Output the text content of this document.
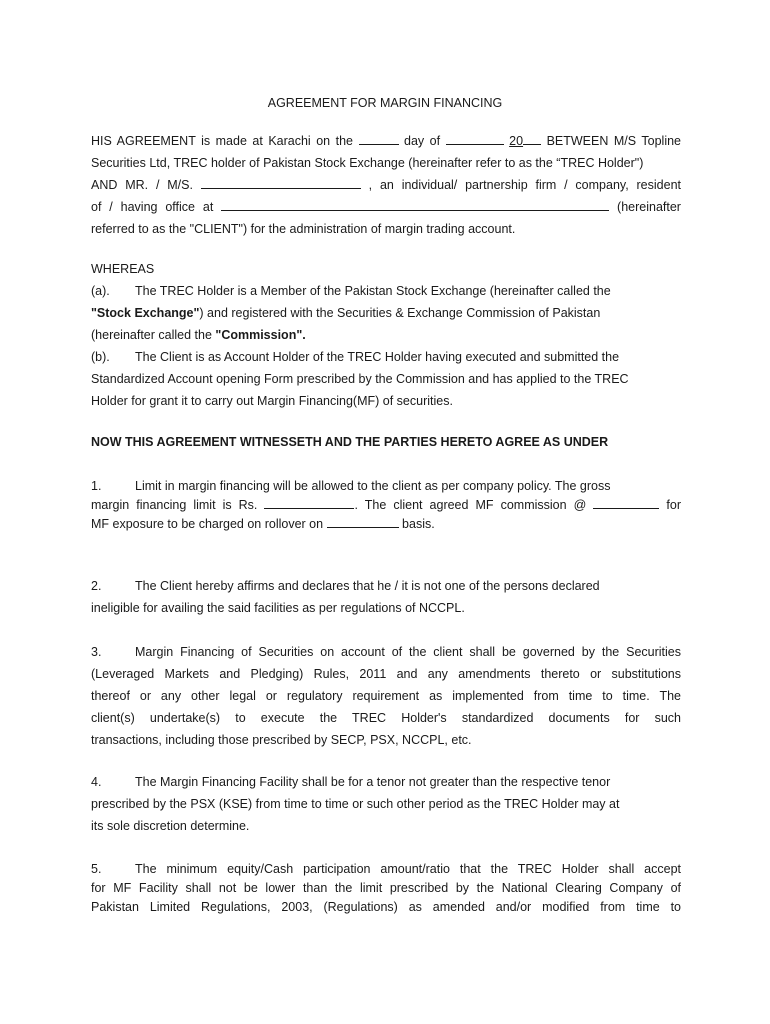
AGREEMENT FOR MARGIN FINANCING
HIS AGREEMENT is made at Karachi on the	day of	20 BETWEEN M/S Topline
Securities Ltd, TREC holder of Pakistan Stock Exchange (hereinafter refer to as the “TREC Holder")
AND MR. / M/S.	, an individual/ partnership firm / company, resident
of / having office at	(hereinafter
referred to as the "CLIENT") for the administration of margin trading account.
WHEREAS
(a). The TREC Holder is a Member of the Pakistan Stock Exchange (hereinafter called the
"Stock Exchange") and registered with the Securities & Exchange Commission of Pakistan
(hereinafter called the "Commission".
(b). The Client is as Account Holder of the TREC Holder having executed and submitted the
Standardized Account opening Form prescribed by the Commission and has applied to the TREC
Holder for grant it to carry out Margin Financing(MF) of securities.
NOW THIS AGREEMENT WITNESSETH AND THE PARTIES HERETO AGREE AS UNDER
1.	Limit in margin financing will be allowed to the client as per company policy. The gross
margin financing limit is Rs.	. The client agreed MF commission @	for
MF exposure to be charged on rollover on	basis.
2.	The Client hereby affirms and declares that he / it is not one of the persons declared
ineligible for availing the said facilities as per regulations of NCCPL.
3.	Margin Financing of Securities on account of the client shall be governed by the Securities
(Leveraged Markets and Pledging) Rules, 2011 and any amendments thereto or substitutions
thereof or any other legal or regulatory requirement as implemented from time to time. The
client(s) undertake(s) to execute the TREC Holder's standardized documents for such
transactions, including those prescribed by SECP, PSX, NCCPL, etc.
4.	The Margin Financing Facility shall be for a tenor not greater than the respective tenor
prescribed by the PSX (KSE) from time to time or such other period as the TREC Holder may at
its sole discretion determine.
5.	The minimum equity/Cash participation amount/ratio that the TREC Holder shall accept
for MF Facility shall not be lower than the limit prescribed by the National Clearing Company of
Pakistan Limited Regulations, 2003, (Regulations) as amended and/or modified from time to
